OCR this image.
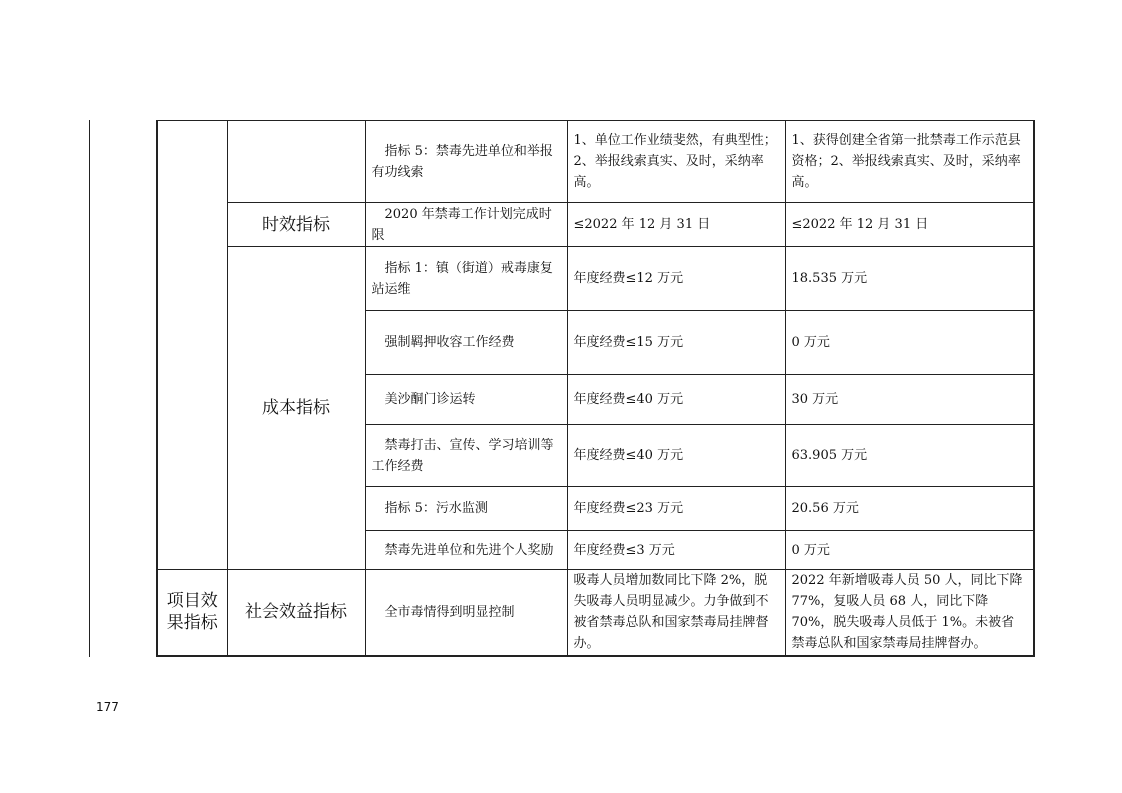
		指标 5：禁毒先进单位和举报有功线索	1、单位工作业绩斐然，有典型性；2、举报线索真实、及时，采纳率高。	1、获得创建全省第一批禁毒工作示范县资格；2、举报线索真实、及时，采纳率高。
	时效指标	2020 年禁毒工作计划完成时限	≤2022 年 12 月 31 日	≤2022 年 12 月 31 日
	成本指标	指标 1：镇（街道）戒毒康复站运维	年度经费≤12 万元	18.535 万元
		强制羁押收容工作经费	年度经费≤15 万元	0 万元
		美沙酮门诊运转	年度经费≤40 万元	30 万元
		禁毒打击、宣传、学习培训等工作经费	年度经费≤40 万元	63.905 万元
		指标 5：污水监测	年度经费≤23 万元	20.56 万元
		禁毒先进单位和先进个人奖励	年度经费≤3 万元	0 万元
项目效果指标	社会效益指标	全市毒情得到明显控制	吸毒人员增加数同比下降 2%，脱失吸毒人员明显减少。力争做到不被省禁毒总队和国家禁毒局挂牌督办。	2022 年新增吸毒人员 50 人，同比下降 77%，复吸人员 68 人，同比下降 70%，脱失吸毒人员低于 1%。未被省禁毒总队和国家禁毒局挂牌督办。
177
